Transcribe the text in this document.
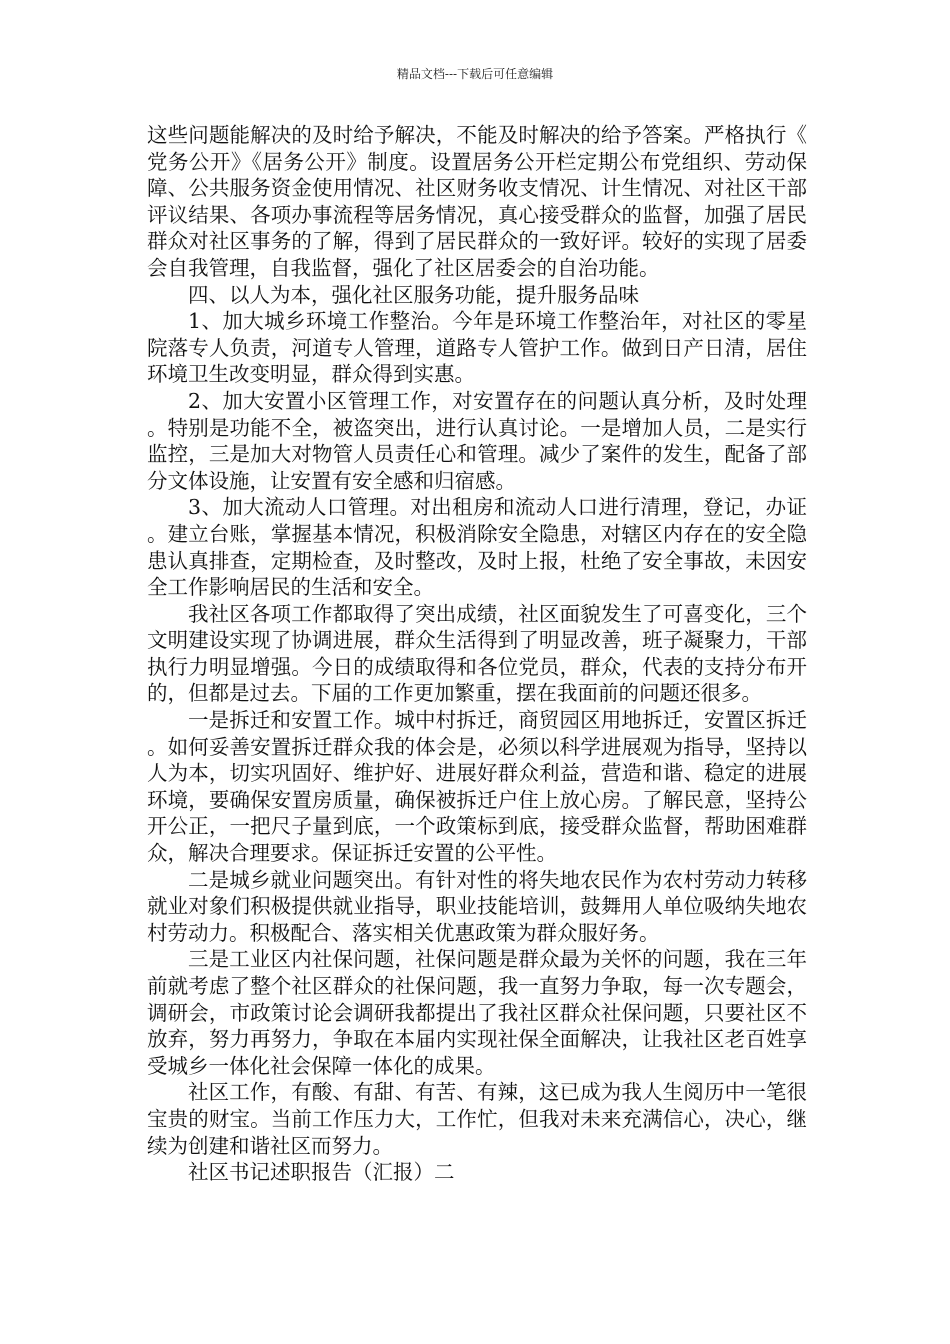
精品文档---下载后可任意编辑

这些问题能解决的及时给予解决，不能及时解决的给予答案。严格执行《党务公开》《居务公开》制度。设置居务公开栏定期公布党组织、劳动保障、公共服务资金使用情况、社区财务收支情况、计生情况、对社区干部评议结果、各项办事流程等居务情况，真心接受群众的监督，加强了居民群众对社区事务的了解，得到了居民群众的一致好评。较好的实现了居委会自我管理，自我监督，强化了社区居委会的自治功能。

四、以人为本，强化社区服务功能，提升服务品味

1、加大城乡环境工作整治。今年是环境工作整治年，对社区的零星院落专人负责，河道专人管理，道路专人管护工作。做到日产日清，居住环境卫生改变明显，群众得到实惠。

2、加大安置小区管理工作，对安置存在的问题认真分析，及时处理。特别是功能不全，被盗突出，进行认真讨论。一是增加人员，二是实行监控，三是加大对物管人员责任心和管理。减少了案件的发生，配备了部分文体设施，让安置有安全感和归宿感。

3、加大流动人口管理。对出租房和流动人口进行清理，登记，办证。建立台账，掌握基本情况，积极消除安全隐患，对辖区内存在的安全隐患认真排查，定期检查，及时整改，及时上报，杜绝了安全事故，未因安全工作影响居民的生活和安全。

我社区各项工作都取得了突出成绩，社区面貌发生了可喜变化，三个文明建设实现了协调进展，群众生活得到了明显改善，班子凝聚力，干部执行力明显增强。今日的成绩取得和各位党员，群众，代表的支持分布开的，但都是过去。下届的工作更加繁重，摆在我面前的问题还很多。

一是拆迁和安置工作。城中村拆迁，商贸园区用地拆迁，安置区拆迁。如何妥善安置拆迁群众我的体会是，必须以科学进展观为指导，坚持以人为本，切实巩固好、维护好、进展好群众利益，营造和谐、稳定的进展环境，要确保安置房质量，确保被拆迁户住上放心房。了解民意，坚持公开公正，一把尺子量到底，一个政策标到底，接受群众监督，帮助困难群众，解决合理要求。保证拆迁安置的公平性。

二是城乡就业问题突出。有针对性的将失地农民作为农村劳动力转移就业对象们积极提供就业指导，职业技能培训，鼓舞用人单位吸纳失地农村劳动力。积极配合、落实相关优惠政策为群众服好务。

三是工业区内社保问题，社保问题是群众最为关怀的问题，我在三年前就考虑了整个社区群众的社保问题，我一直努力争取，每一次专题会，调研会，市政策讨论会调研我都提出了我社区群众社保问题，只要社区不放弃，努力再努力，争取在本届内实现社保全面解决，让我社区老百姓享受城乡一体化社会保障一体化的成果。

社区工作，有酸、有甜、有苦、有辣，这已成为我人生阅历中一笔很宝贵的财宝。当前工作压力大，工作忙，但我对未来充满信心，决心，继续为创建和谐社区而努力。

社区书记述职报告（汇报）二
